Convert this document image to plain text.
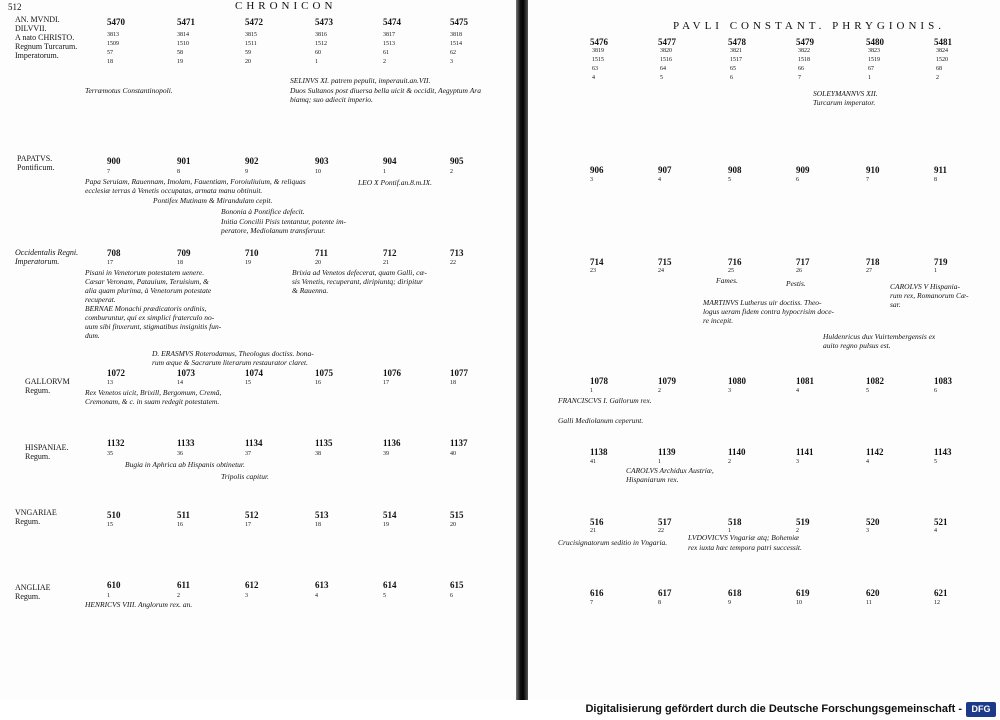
512	CHRONICON
AN. MVNDI.
DILVVII.
A nato CHRISTO.
Regnum Turcarum.
Imperatorum.
5470	5471	5472	5473	5474	5475
3813	3814	3815	3816	3817	3818
1509	1510	1511	1512	1513	1514
57	58	59	60	61	62
18	19	20	1	2	3
Terræmotus Constantinopoli.
SELINVS XI. patrem pepulit, imperauit.an.VII.
Duos Sultanos post diuersa bella uicit & occidit, Aegyptum Ara
biamq; suo adiecit imperio.
PAPATVS.
Pontificum.
900	901	902	903	904	905
7	8	9	10	1	2
LEO X Pontif.an.8.m.IX.
Papa Seruiam, Rauennam, Imolam, Fauentiam, Foroiuliuium, & reliquas
ecclesiæ terras à Venetis occupatas, armata manu obtinuit.
Pontifex Mutinam & Mirandulam cepit.
Bononia à Pontifice defecit.
Initia Concilii Pisis tentantur, potente im-
peratore, Mediolanum transferuur.
Occidentalis Regni.
Imperatorum.
708	709	710	711	712	713
17	18	19	20	21	22
Pisani in Venetorum potestatem uenere.
Cæsar Veronam, Patauium, Teruisium, &
alia quam plurima, à Venetorum potestate
recuperat.
BERNAE Monachi prædicatoris ordinis,
comburuntur, qui ex simplici fraterculo no-
uum sibi finxerunt, stigmatibus insignitis fun-
dum.
Brixia ad Venetos defecerat, quam Galli, cæ-
sis Venetis, recuperant, diripiuntq; diripitur
& Rauenna.
D. ERASMVS Roterodamus, Theologus doctiss. bona-
rum æque & Sacrarum literarum restaurator claret.
GALLORVM
Regum.
1072	1073	1074	1075	1076	1077
13	14	15	16	17	18
Rex Venetos uicit, Brixill, Bergomum, Cremã,
Cremonam, & c. in suam redegit potestatem.
HISPANIAE.
Regum.
1132	1133	1134	1135	1136	1137
35	36	37	38	39	40
Bugia in Aphrica ab Hispanis obtinetur.
Tripolis capitur.
VNGARIAE
Regum.
510	511	512	513	514	515
15	16	17	18	19	20
ANGLIAE
Regum.
610	611	612	613	614	615
1	2	3	4	5	6
HENRICVS VIII. Anglorum rex. an.
PAVLI CONSTANT. PHRYGIONIS.
5476	5477	5478	5479	5480	5481
3819	3820	3821	3822	3823	3824
1515	1516	1517	1518	1519	1520
63	64	65	66	67	68
4	5	6	7	1	2
SOLEYMANNVS XII.
Turcarum imperator.
906	907	908	909	910	911
3	4	5	6	7	8
714	715	716	717	718	719
23	24	25	26	27	1
Fames.	Pestis.	CAROLVS V Hispania-
rum rex, Romanorum Cæ-
sar.
MARTINVS Lutherus uir doctiss. Theo-
logus ueram fidem contra hypocrisim doce-
re incepit.
Huldenricus dux Vuirtembergensis ex
auito regno pulsus est.
1078	1079	1080	1081	1082	1083
1	2	3	4	5	6
FRANCISCVS I. Gallorum rex.
Galli Mediolanum ceperunt.
1138	1139	1140	1141	1142	1143
41	1	2	3	4	5
CAROLVS Archidux Austriæ,
Hispaniarum rex.
516	517	518	519	520	521
21	22	1	2	3	4
Crucisignatorum seditio in Vngaria.
LVDOVICVS Vngariæ atq; Bohemiæ
rex iuxta hæc tempora patri successit.
616	617	618	619	620	621
7	8	9	10	11	12
Digitalisierung gefördert durch die Deutsche Forschungsgemeinschaft -	DFG
